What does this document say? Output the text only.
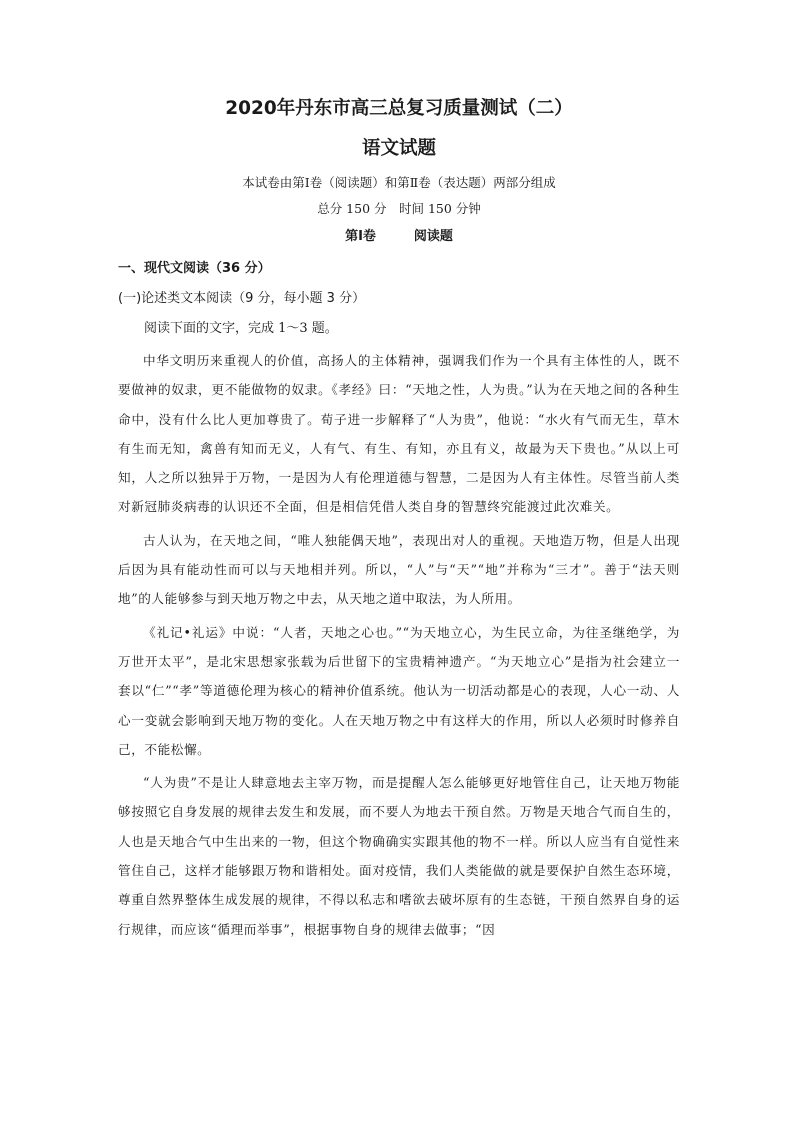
2020年丹东市高三总复习质量测试（二）
语文试题

本试卷由第Ⅰ卷（阅读题）和第Ⅱ卷（表达题）两部分组成

总分 150 分　时间 150 分钟

第Ⅰ卷	阅读题

一、现代文阅读（36 分）

(一)论述类文本阅读（9 分，每小题 3 分）

阅读下面的文字，完成 1～3 题。

中华文明历来重视人的价值，高扬人的主体精神，强调我们作为一个具有主体性的人，既不要做神的奴隶，更不能做物的奴隶。《孝经》曰：“天地之性，人为贵。”认为在天地之间的各种生命中，没有什么比人更加尊贵了。荀子进一步解释了“人为贵”，他说：“水火有气而无生，草木有生而无知，禽兽有知而无义，人有气、有生、有知，亦且有义，故最为天下贵也。”从以上可知，人之所以独异于万物，一是因为人有伦理道德与智慧，二是因为人有主体性。尽管当前人类对新冠肺炎病毒的认识还不全面，但是相信凭借人类自身的智慧终究能渡过此次难关。

古人认为，在天地之间，“唯人独能偶天地”，表现出对人的重视。天地造万物，但是人出现后因为具有能动性而可以与天地相并列。所以，“人”与“天”“地”并称为“三才”。善于“法天则地”的人能够参与到天地万物之中去，从天地之道中取法，为人所用。

《礼记•礼运》中说：“人者，天地之心也。”“为天地立心，为生民立命，为往圣继绝学，为万世开太平”，是北宋思想家张载为后世留下的宝贵精神遗产。“为天地立心”是指为社会建立一套以“仁”“孝”等道德伦理为核心的精神价值系统。他认为一切活动都是心的表现，人心一动、人心一变就会影响到天地万物的变化。人在天地万物之中有这样大的作用，所以人必须时时修养自己，不能松懈。

“人为贵”不是让人肆意地去主宰万物，而是提醒人怎么能够更好地管住自己，让天地万物能够按照它自身发展的规律去发生和发展，而不要人为地去干预自然。万物是天地合气而自生的，人也是天地合气中生出来的一物，但这个物确确实实跟其他的物不一样。所以人应当有自觉性来管住自己，这样才能够跟万物和谐相处。面对疫情，我们人类能做的就是要保护自然生态环境，尊重自然界整体生成发展的规律，不得以私志和嗜欲去破坏原有的生态链，干预自然界自身的运行规律，而应该“循理而举事”，根据事物自身的规律去做事；“因
